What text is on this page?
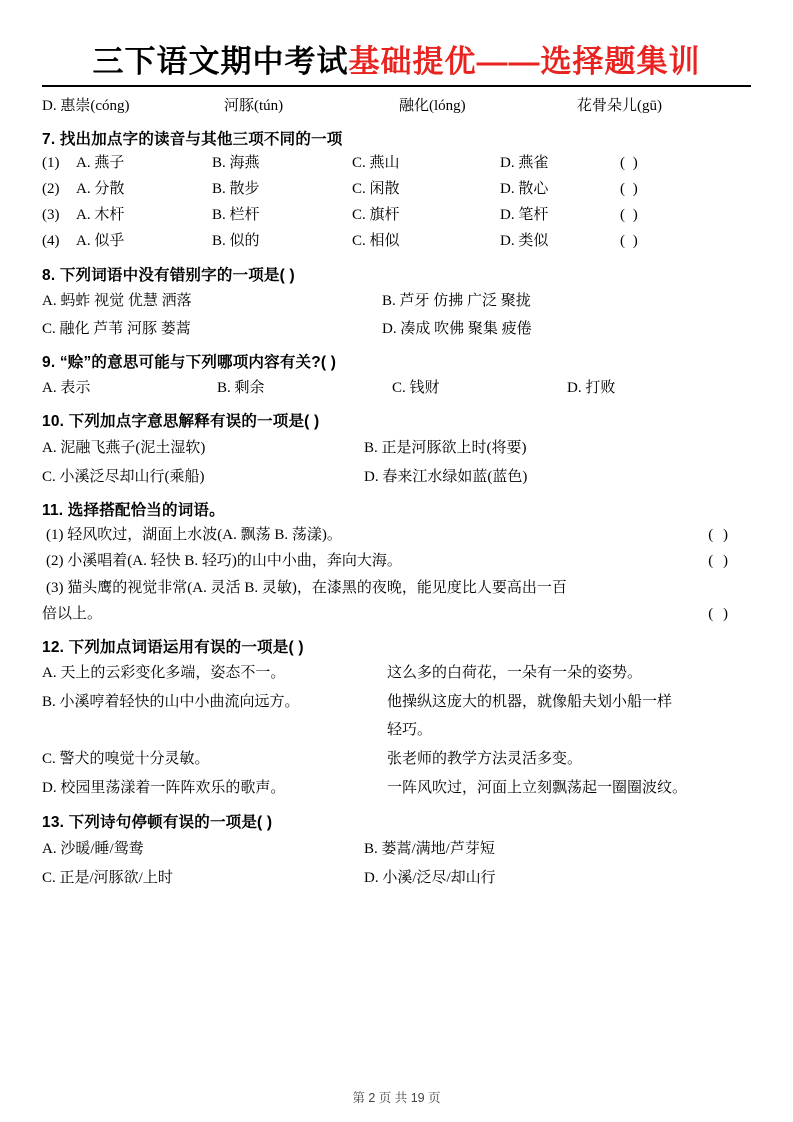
三下语文期中考试基础提优——选择题集训
D. 惠崇(cóng)	河豚(tún)	融化(lóng)	花骨朵儿(gū)
7. 找出加点字的读音与其他三项不同的一项
(1)	A. 燕子	B. 海燕	C. 燕山	D. 燕雀	( )
(2)	A. 分散	B. 散步	C. 闲散	D. 散心	( )
(3)	A. 木杆	B. 栏杆	C. 旗杆	D. 笔杆	( )
(4)	A. 似乎	B. 似的	C. 相似	D. 类似	( )
8. 下列词语中没有错别字的一项是( )
A. 蚂蚱 视觉 优慧 洒落	B. 芦牙 仿拂 广泛 聚拢
C. 融化 芦苇 河豚 蒌蒿	D. 凑成 吹佛 聚集 疲倦
9. “赊”的意思可能与下列哪项内容有关?( )
A. 表示	B. 剩余	C. 钱财	D. 打败
10. 下列加点字意思解释有误的一项是( )
A. 泥融飞燕子(泥土湿软)	B. 正是河豚欲上时(将要)
C. 小溪泛尽却山行(乘船)	D. 春来江水绿如蓝(蓝色)
11. 选择搭配恰当的词语。
(1) 轻风吹过，湖面上水波(A. 飘荡 B. 荡漾)。	( )
(2) 小溪唱着(A. 轻快 B. 轻巧)的山中小曲，奔向大海。	( )
(3) 猫头鹰的视觉非常(A. 灵活 B. 灵敏)，在漆黑的夜晚，能见度比人要高出一百
倍以上。	( )
12. 下列加点词语运用有误的一项是( )
A. 天上的云彩变化多端，姿态不一。	这么多的白荷花，一朵有一朵的姿势。
B. 小溪哼着轻快的山中小曲流向远方。	他操纵这庞大的机器，就像船夫划小船一样
轻巧。
C. 警犬的嗅觉十分灵敏。	张老师的教学方法灵活多变。
D. 校园里荡漾着一阵阵欢乐的歌声。	一阵风吹过，河面上立刻飘荡起一圈圈波纹。
13. 下列诗句停顿有误的一项是( )
A. 沙暖/睡/鸳鸯	B. 蒌蒿/满地/芦芽短
C. 正是/河豚欲/上时	D. 小溪/泛尽/却山行
第 2 页 共 19 页
